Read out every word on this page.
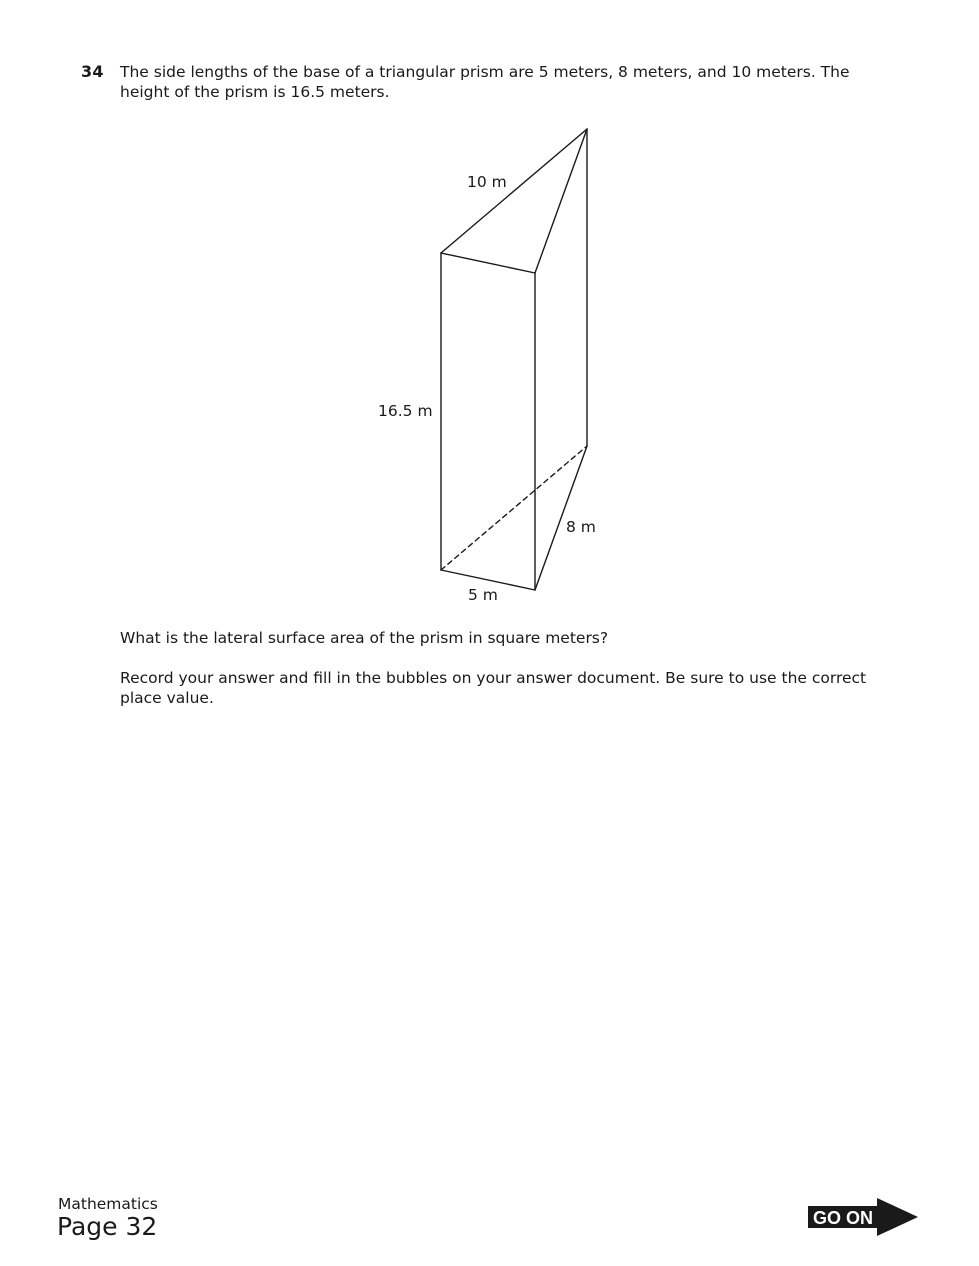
34 The side lengths of the base of a triangular prism are 5 meters, 8 meters, and 10 meters. The height of the prism is 16.5 meters.

10 m
16.5 m
8 m
5 m

What is the lateral surface area of the prism in square meters?

Record your answer and fill in the bubbles on your answer document. Be sure to use the correct place value.

Mathematics
Page 32	GO ON
